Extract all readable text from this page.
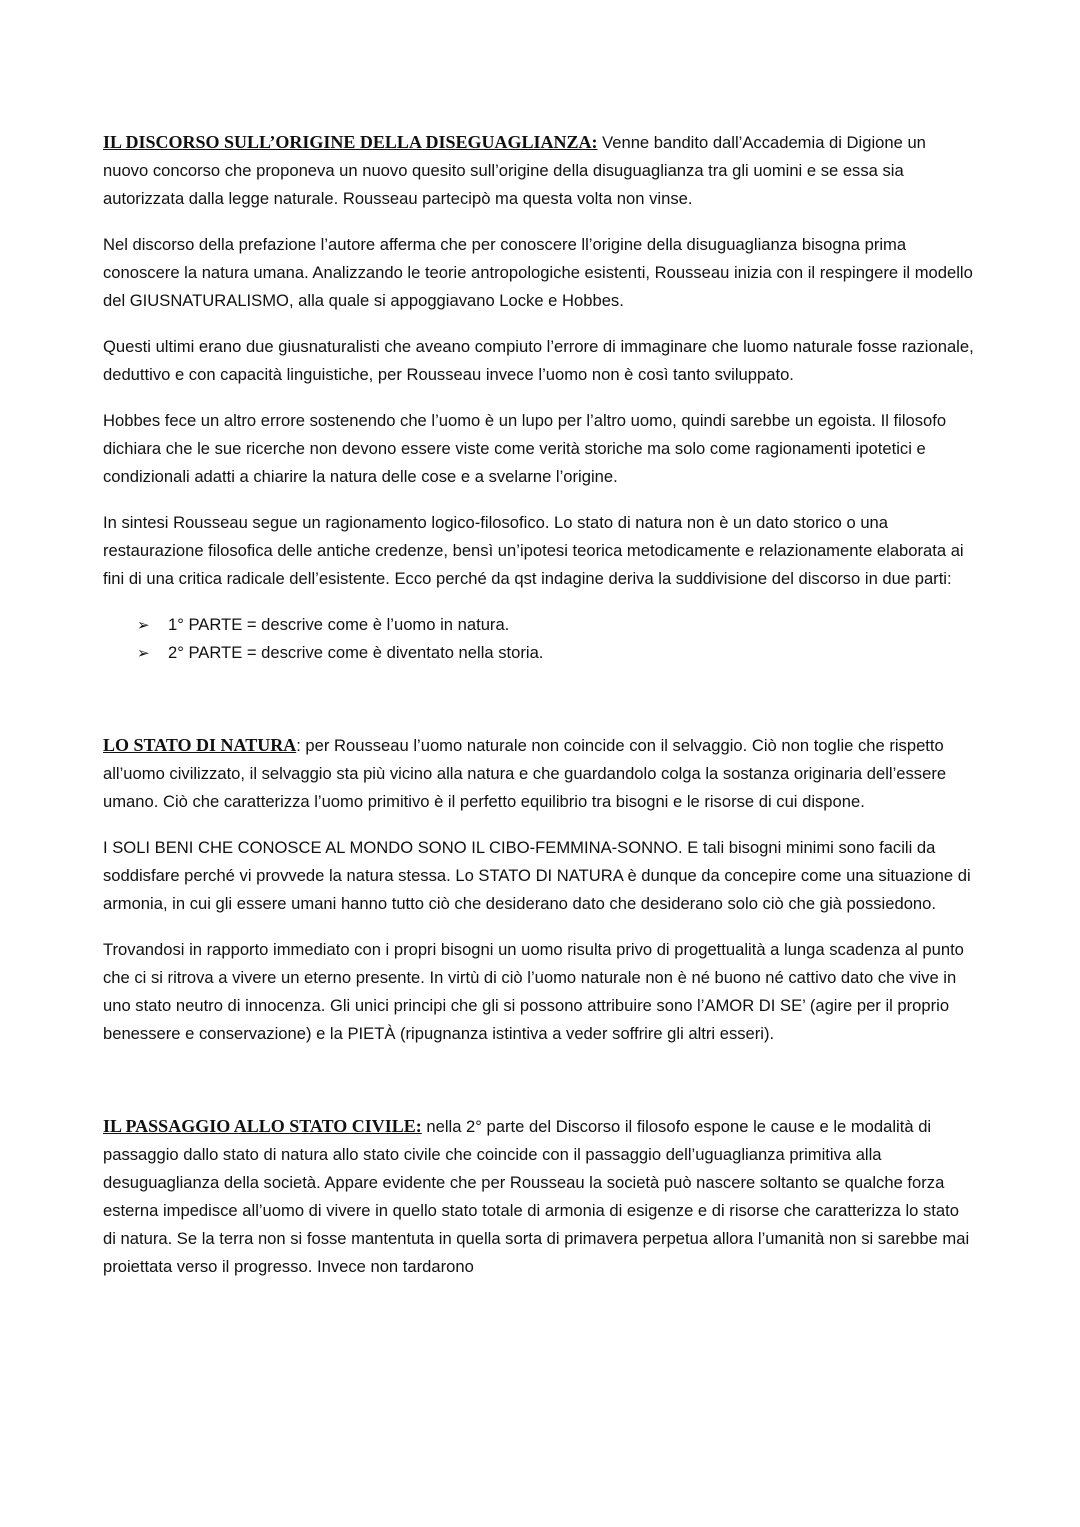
IL DISCORSO SULL’ORIGINE DELLA DISEGUAGLIANZA: Venne bandito dall’Accademia di Digione un nuovo concorso che proponeva un nuovo quesito sull’origine della disuguaglianza tra gli uomini e se essa sia autorizzata dalla legge naturale. Rousseau partecipò ma questa volta non vinse.

Nel discorso della prefazione l’autore afferma che per conoscere ll’origine della disuguaglianza bisogna prima conoscere la natura umana. Analizzando le teorie antropologiche esistenti, Rousseau inizia con il respingere il modello del GIUSNATURALISMO, alla quale si appoggiavano Locke e Hobbes.

Questi ultimi erano due giusnaturalisti che aveano compiuto l’errore di immaginare che luomo naturale fosse razionale, deduttivo e con capacità linguistiche, per Rousseau invece l’uomo non è così tanto sviluppato.

Hobbes fece un altro errore sostenendo che l’uomo è un lupo per l’altro uomo, quindi sarebbe un egoista. Il filosofo dichiara che le sue ricerche non devono essere viste come verità storiche ma solo come ragionamenti ipotetici e condizionali adatti a chiarire la natura delle cose e a svelarne l’origine.

In sintesi Rousseau segue un ragionamento logico-filosofico. Lo stato di natura non è un dato storico o una restaurazione filosofica delle antiche credenze, bensì un’ipotesi teorica metodicamente e relazionamente elaborata ai fini di una critica radicale dell’esistente. Ecco perché da qst indagine deriva la suddivisione del discorso in due parti:

➢ 1° PARTE = descrive come è l’uomo in natura.
➢ 2° PARTE = descrive come è diventato nella storia.

LO STATO DI NATURA: per Rousseau l’uomo naturale non coincide con il selvaggio. Ciò non toglie che rispetto all’uomo civilizzato, il selvaggio sta più vicino alla natura e che guardandolo colga la sostanza originaria dell’essere umano. Ciò che caratterizza l’uomo primitivo è il perfetto equilibrio tra bisogni e le risorse di cui dispone.

I SOLI BENI CHE CONOSCE AL MONDO SONO IL CIBO-FEMMINA-SONNO. E tali bisogni minimi sono facili da soddisfare perché vi provvede la natura stessa. Lo STATO DI NATURA è dunque da concepire come una situazione di armonia, in cui gli essere umani hanno tutto ciò che desiderano dato che desiderano solo ciò che già possiedono.

Trovandosi in rapporto immediato con i propri bisogni un uomo risulta privo di progettualità a lunga scadenza al punto che ci si ritrova a vivere un eterno presente. In virtù di ciò l’uomo naturale non è né buono né cattivo dato che vive in uno stato neutro di innocenza. Gli unici principi che gli si possono attribuire sono l’AMOR DI SE’ (agire per il proprio benessere e conservazione) e la PIETÀ (ripugnanza istintiva a veder soffrire gli altri esseri).

IL PASSAGGIO ALLO STATO CIVILE: nella 2° parte del Discorso il filosofo espone le cause e le modalità di passaggio dallo stato di natura allo stato civile che coincide con il passaggio dell’uguaglianza primitiva alla desuguaglianza della società. Appare evidente che per Rousseau la società può nascere soltanto se qualche forza esterna impedisce all’uomo di vivere in quello stato totale di armonia di esigenze e di risorse che caratterizza lo stato di natura. Se la terra non si fosse mantentuta in quella sorta di primavera perpetua allora l’umanità non si sarebbe mai proiettata verso il progresso. Invece non tardarono
